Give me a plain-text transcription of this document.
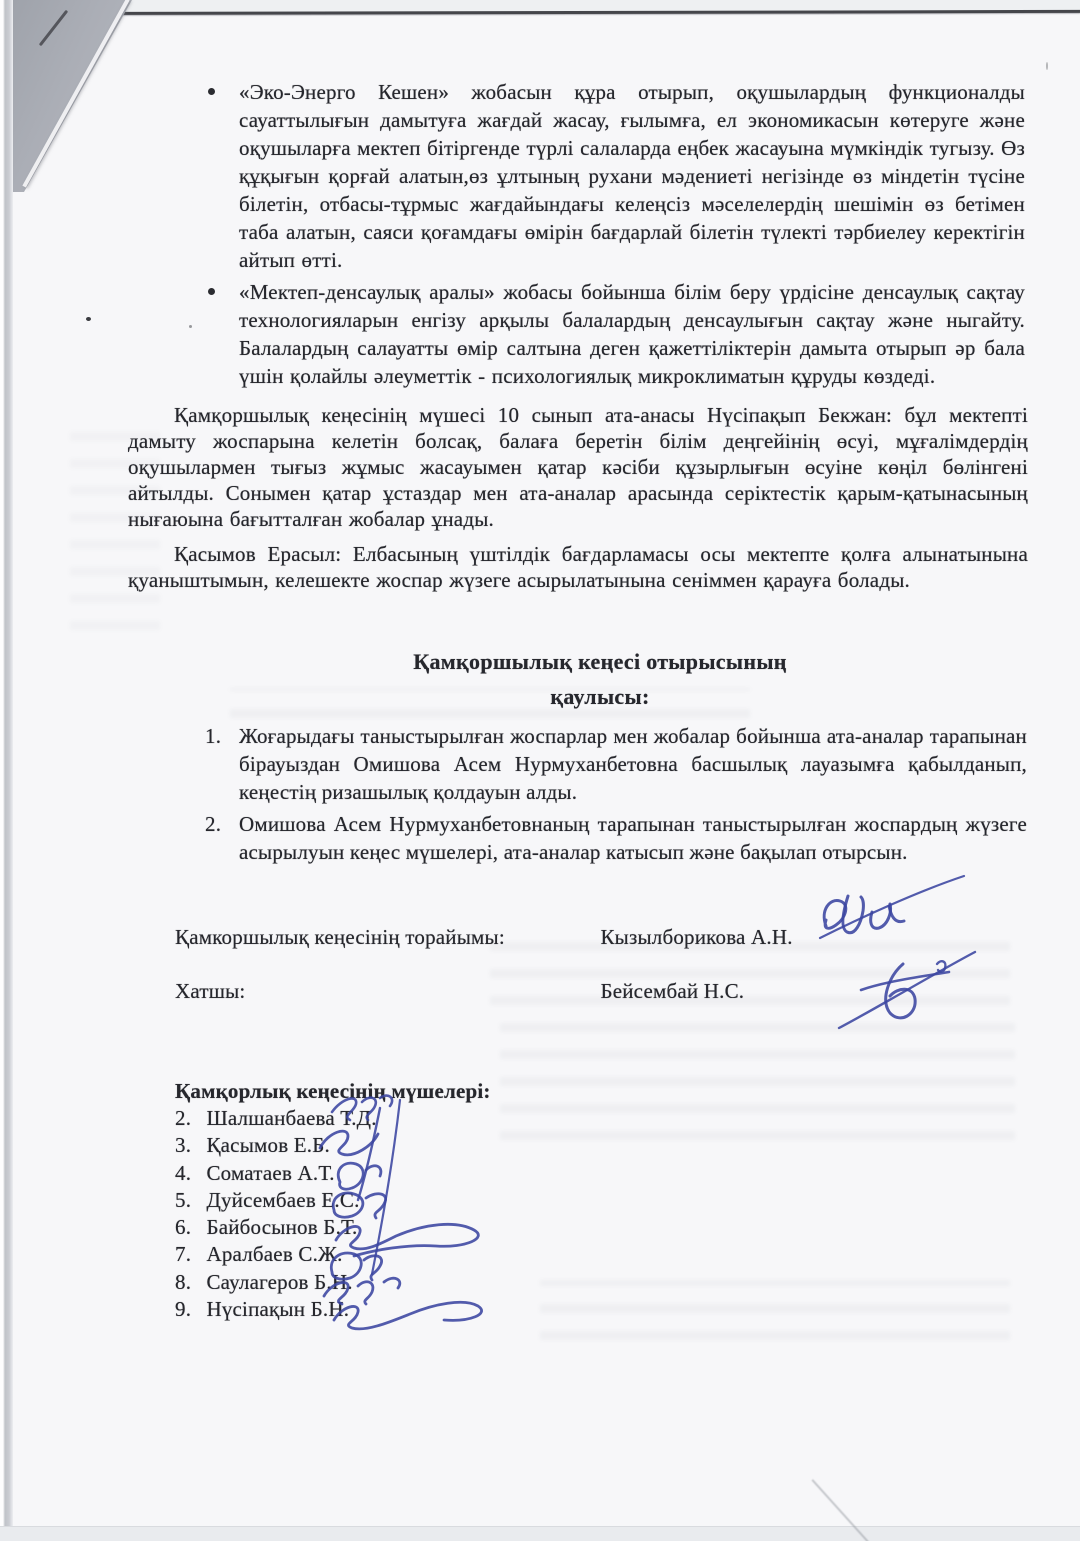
«Эко-Энерго Кешен» жобасын құра отырып, оқушылардың функционалды сауаттылығын дамытуға жағдай жасау, ғылымға, ел экономикасын көтеруге және оқушыларға мектеп бітіргенде түрлі салаларда еңбек жасауына мүмкіндік тугызу. Өз құқығын қорғай алатын,өз ұлтының рухани мәдениеті негізінде өз міндетін түсіне білетін, отбасы-тұрмыс жағдайындағы келеңсіз мәселелердің шешімін өз бетімен таба алатын, саяси қоғамдағы өмірін бағдарлай білетін түлекті тәрбиелеу керектігін айтып өтті.
«Мектеп-денсаулық аралы» жобасы бойынша білім беру үрдісіне денсаулық сақтау технологияларын енгізу арқылы балалардың денсаулығын сақтау және ныгайту. Балалардың салауатты өмір салтына деген қажеттіліктерін дамыта отырып әр бала үшін қолайлы әлеуметтік - психологиялық микроклиматын құруды көздеді.

Қамқоршылық кеңесінің мүшесі 10 сынып ата-анасы Нүсіпақып Бекжан: бұл мектепті дамыту жоспарына келетін болсақ, балаға беретін білім деңгейінің өсуі, мұғалімдердің оқушылармен тығыз жұмыс жасауымен қатар кәсіби құзырлығын өсуіне көңіл бөлінгені айтылды. Сонымен қатар ұстаздар мен ата-аналар арасында серіктестік қарым-қатынасының нығаюына бағытталған жобалар ұнады.

Қасымов Ерасыл: Елбасының үштілдік бағдарламасы осы мектепте қолға алынатынына қуаныштымын, келешекте жоспар жүзеге асырылатынына сеніммен қарауға болады.

Қамқоршылық кеңесі отырысының
қаулысы:
1. Жоғарыдағы таныстырылған жоспарлар мен жобалар бойынша ата-аналар тарапынан бірауыздан Омишова Асем Нурмуханбетовна басшылық лауазымға қабылданып, кеңестің ризашылық қолдауын алды.
2. Омишова Асем Нурмуханбетовнаның тарапынан таныстырылған жоспардың жүзеге асырылуын кеңес мүшелері, ата-аналар катысып және бақылап отырсын.
Қамкоршылық кеңесінің торайымы:	Кызылборикова А.Н.
Хатшы:	Бейсембай Н.С.
Қамқорлық кеңесінің мүшелері:
2. Шалшанбаева Т.Д.
3. Қасымов Е.Б.
4. Соматаев А.Т.
5. Дуйсембаев Е.С.
6. Байбосынов Б.Т.
7. Аралбаев С.Ж.
8. Саулагеров Б.Н.
9. Нүсіпақын Б.Н.
